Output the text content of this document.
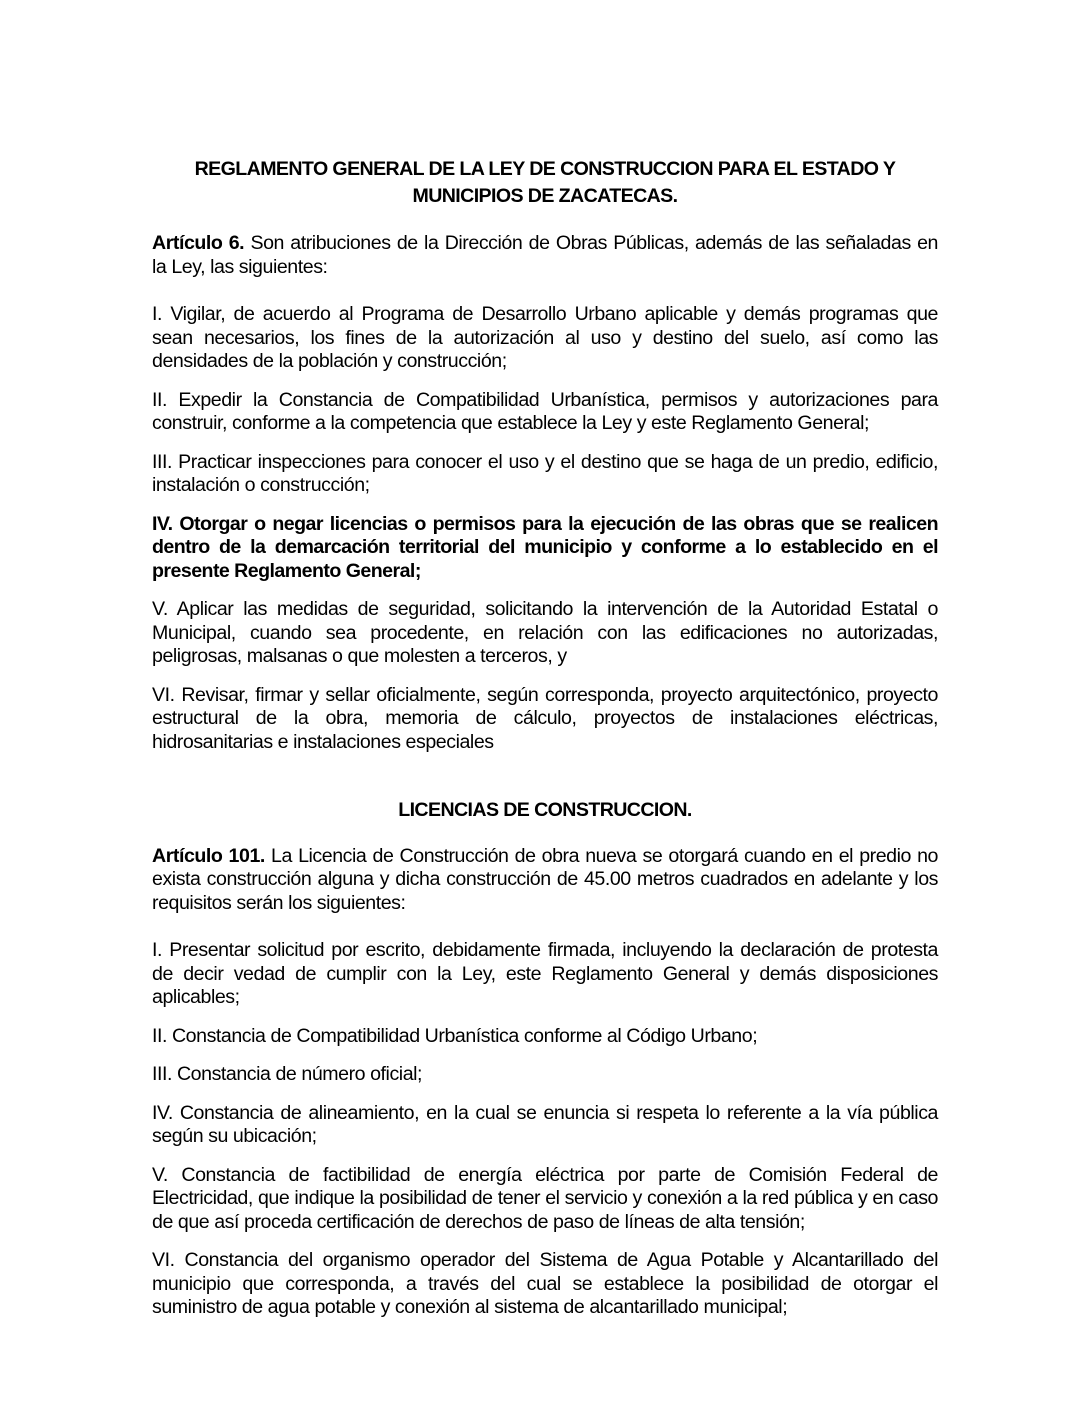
REGLAMENTO GENERAL DE LA LEY DE CONSTRUCCION PARA EL ESTADO Y
MUNICIPIOS DE ZACATECAS.

Artículo 6. Son atribuciones de la Dirección de Obras Públicas, además de las señaladas en la Ley, las siguientes:

I. Vigilar, de acuerdo al Programa de Desarrollo Urbano aplicable y demás programas que sean necesarios, los fines de la autorización al uso y destino del suelo, así como las densidades de la población y construcción;

II. Expedir la Constancia de Compatibilidad Urbanística, permisos y autorizaciones para construir, conforme a la competencia que establece la Ley y este Reglamento General;

III. Practicar inspecciones para conocer el uso y el destino que se haga de un predio, edificio, instalación o construcción;

IV. Otorgar o negar licencias o permisos para la ejecución de las obras que se realicen dentro de la demarcación territorial del municipio y conforme a lo establecido en el presente Reglamento General;

V. Aplicar las medidas de seguridad, solicitando la intervención de la Autoridad Estatal o Municipal, cuando sea procedente, en relación con las edificaciones no autorizadas, peligrosas, malsanas o que molesten a terceros, y

VI. Revisar, firmar y sellar oficialmente, según corresponda, proyecto arquitectónico, proyecto estructural de la obra, memoria de cálculo, proyectos de instalaciones eléctricas, hidrosanitarias e instalaciones especiales

LICENCIAS DE CONSTRUCCION.

Artículo 101. La Licencia de Construcción de obra nueva se otorgará cuando en el predio no exista construcción alguna y dicha construcción de 45.00 metros cuadrados en adelante y los requisitos serán los siguientes:

I. Presentar solicitud por escrito, debidamente firmada, incluyendo la declaración de protesta de decir vedad de cumplir con la Ley, este Reglamento General y demás disposiciones aplicables;

II. Constancia de Compatibilidad Urbanística conforme al Código Urbano;

III. Constancia de número oficial;

IV. Constancia de alineamiento, en la cual se enuncia si respeta lo referente a la vía pública según su ubicación;

V. Constancia de factibilidad de energía eléctrica por parte de Comisión Federal de Electricidad, que indique la posibilidad de tener el servicio y conexión a la red pública y en caso de que así proceda certificación de derechos de paso de líneas de alta tensión;

VI. Constancia del organismo operador del Sistema de Agua Potable y Alcantarillado del municipio que corresponda, a través del cual se establece la posibilidad de otorgar el suministro de agua potable y conexión al sistema de alcantarillado municipal;
